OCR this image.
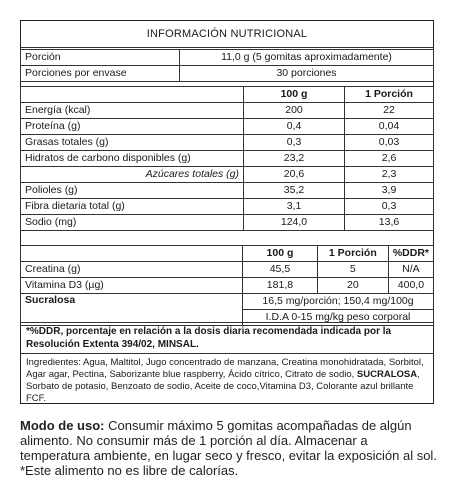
INFORMACIÓN NUTRICIONAL
Porción	11,0 g (5 gomitas aproximadamente)
Porciones por envase	30 porciones
	100 g	1 Porción
Energía (kcal)	200	22
Proteína (g)	0,4	0,04
Grasas totales (g)	0,3	0,03
Hidratos de carbono disponibles (g)	23,2	2,6
Azúcares totales (g)	20,6	2,3
Polioles (g)	35,2	3,9
Fibra dietaria total (g)	3,1	0,3
Sodio (mg)	124,0	13,6
	100 g	1 Porción	%DDR*
Creatina (g)	45,5	5	N/A
Vitamina D3 (µg)	181,8	20	400,0
Sucralosa	16,5 mg/porción; 150,4 mg/100g		
	I.D.A 0-15 mg/kg peso corporal		
*%DDR, porcentaje en relación a la dosis diaria recomendada indicada por la Resolución Extenta 394/02, MINSAL.
Ingredientes: Agua, Maltitol, Jugo concentrado de manzana, Creatina monohidratada, Sorbitol, Agar agar, Pectina, Saborizante blue raspberry, Ácido cítrico, Citrato de sodio, SUCRALOSA, Sorbato de potasio, Benzoato de sodio, Aceite de coco,Vitamina D3, Colorante azul brillante FCF.
Modo de uso: Consumir máximo 5 gomitas acompañadas de algún alimento. No consumir más de 1 porción al día. Almacenar a temperatura ambiente, en lugar seco y fresco, evitar la exposición al sol. *Este alimento no es libre de calorías.
